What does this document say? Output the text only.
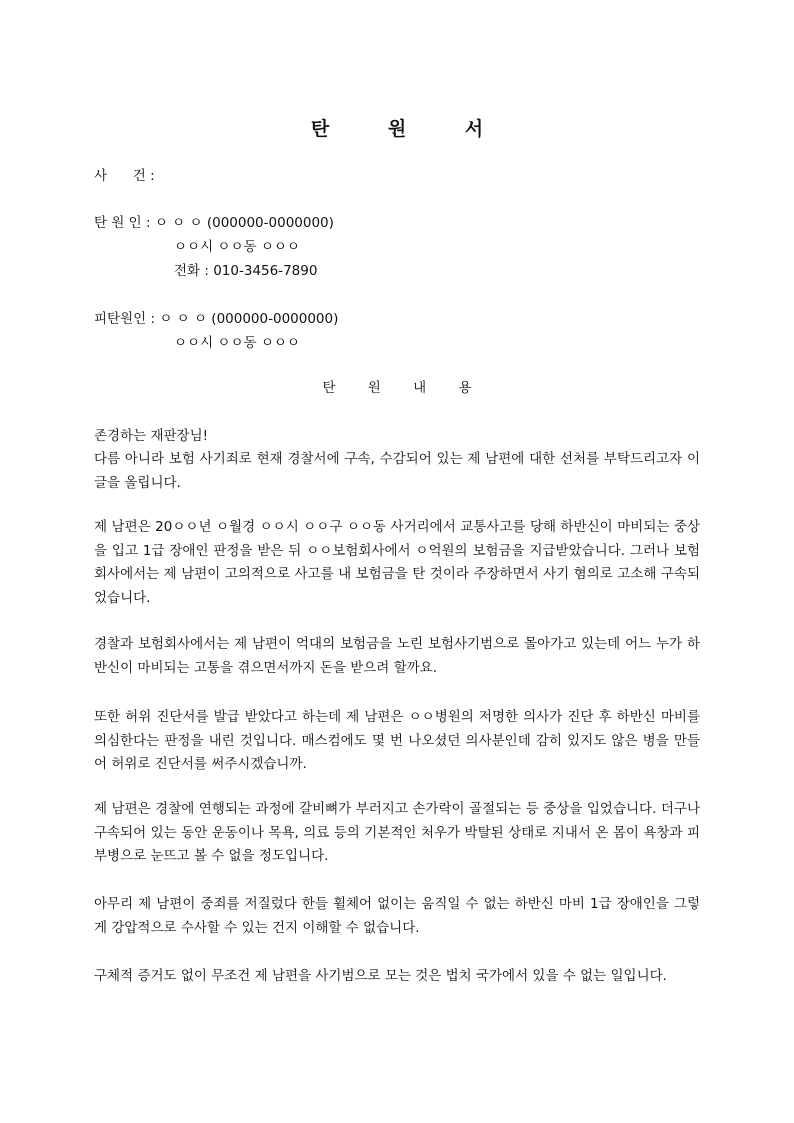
탄 원 서
사      건 :
탄 원 인 : ㅇ ㅇ ㅇ (000000-0000000)
ㅇㅇ시 ㅇㅇ동 ㅇㅇㅇ
전화 : 010-3456-7890
피탄원인 : ㅇ ㅇ ㅇ (000000-0000000)
ㅇㅇ시 ㅇㅇ동 ㅇㅇㅇ
탄 원 내 용
존경하는 재판장님!

다름 아니라 보험 사기죄로 현재 경찰서에 구속, 수감되어 있는 제 남편에 대한 선처를 부탁드리고자 이 글을 올립니다.

제 남편은 20ㅇㅇ년 ㅇ월경 ㅇㅇ시 ㅇㅇ구 ㅇㅇ동 사거리에서 교통사고를 당해 하반신이 마비되는 중상을 입고 1급 장애인 판정을 받은 뒤 ㅇㅇ보험회사에서 ㅇ억원의 보험금을 지급받았습니다. 그러나 보험회사에서는 제 남편이 고의적으로 사고를 내 보험금을 탄 것이라 주장하면서 사기 혐의로 고소해 구속되었습니다.

경찰과 보험회사에서는 제 남편이 억대의 보험금을 노린 보험사기범으로 몰아가고 있는데 어느 누가 하반신이 마비되는 고통을 겪으면서까지 돈을 받으려 할까요.

또한 허위 진단서를 발급 받았다고 하는데 제 남편은 ㅇㅇ병원의 저명한 의사가 진단 후 하반신 마비를 의심한다는 판정을 내린 것입니다. 매스컴에도 몇 번 나오셨던 의사분인데 감히 있지도 않은 병을 만들어 허위로 진단서를 써주시겠습니까.

제 남편은 경찰에 연행되는 과정에 갈비뼈가 부러지고 손가락이 골절되는 등 중상을 입었습니다. 더구나 구속되어 있는 동안 운동이나 목욕, 의료 등의 기본적인 처우가 박탈된 상태로 지내서 온 몸이 욕창과 피부병으로 눈뜨고 볼 수 없을 정도입니다.

아무리 제 남편이 중죄를 저질렀다 한들 휠체어 없이는 움직일 수 없는 하반신 마비 1급 장애인을 그렇게 강압적으로 수사할 수 있는 건지 이해할 수 없습니다.

구체적 증거도 없이 무조건 제 남편을 사기범으로 모는 것은 법치 국가에서 있을 수 없는 일입니다.
